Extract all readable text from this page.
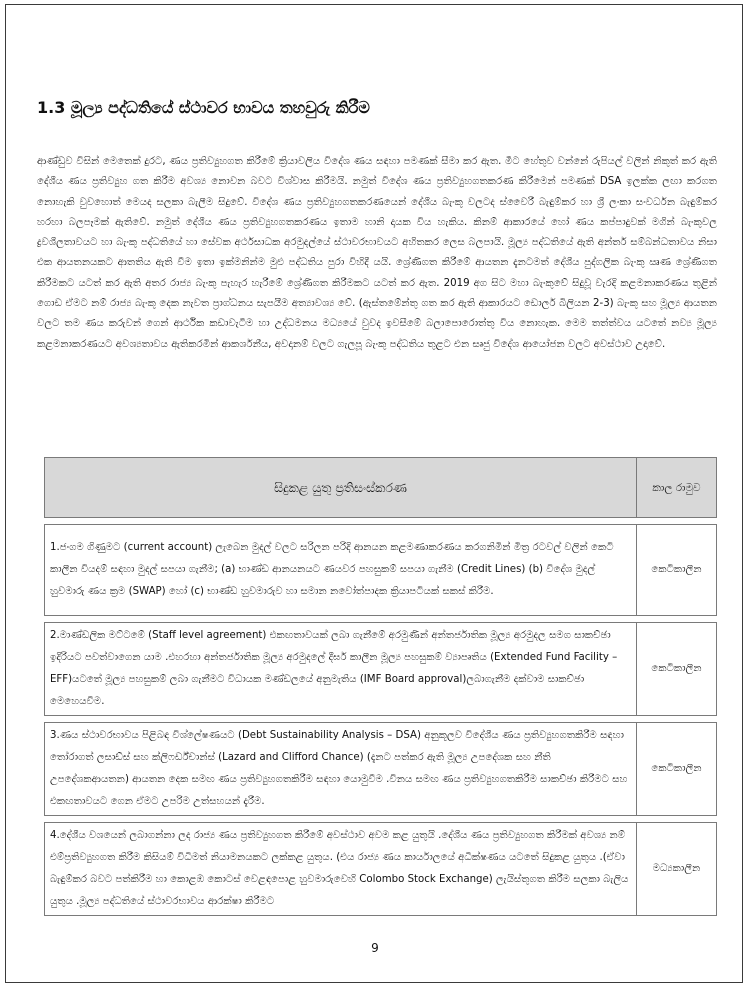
1.3 මූල්‍ය පද්ධතියේ ස්ථාවර භාවය තහවුරු කිරීම

ආණ්ඩුව විසින් මෙතෙක් දුරට, ණය ප්‍රතිව්‍යුහගත කිරීමේ ක්‍රියාවලිය විදේශ ණය සඳහා පමණක් සීමා කර ඇත. මීට හේතුව වන්නේ රුපියල් වලින් නිකුත් කර ඇති දේශීය ණය ප්‍රතිව්‍යුහ ගත කිරීම අවශ්‍ය නොවන බවට විශ්වාස කිරීමයි. නමුත් විදේශ ණය ප්‍රතිව්‍යුහගතකරණ කිරීමෙන් පමණක් DSA ඉලක්ක ලඟා කරගත නොහැකි වුවහොත් මෙයද සලකා බැලීම සිදුවේ. විදේශ ණය ප්‍රතිව්‍යුහගතකරණයෙන් දේශීය බැංකු වලටද ස්වෛරී බැඳුම්කර හා ශ්‍රී ලංකා සංවර්ධන බැඳුම්කර හරහා බලපෑමක් ඇතිවේ. නමුත් දේශීය ණය ප්‍රතිව්‍යුහගතකරණය ඉතාම හානි දායක විය හැකිය. කිනම් ආකාරයේ හෝ ණය කප්පාදුවක් මගින් බැංකුවල ද්‍රවශීලතාවයට හා බැංකු පද්ධතියේ හා සේවක අර්ථසාධක අරමුදල්යේ ස්ථාවරභාවයට අහිතකර ලෙස බලපායි. මූල්‍ය පද්ධතියේ ඇති අන්තර් සම්බන්ධතාවය නිසා එක ආයතනයකට ආතතිය ඇති වීම ඉතා ඉක්මනින්ම මුළු පද්ධතිය පුරා විහිදී යයි. ශ්‍රේණිගත කිරීමේ ආයතන දැනටමත් දේශීය පුද්ගලික බැංකු ඍණ ශ්‍රේණිගත කිරීමකට යටත් කර ඇති අතර රාජ්‍ය බැංකු පැහැර හැරීමේ ශ්‍රේණිගත කිරීමකට යටත් කර ඇත. 2019 අග සිට මහා බැංකුවේ සිදුවූ වැරදි කළමනාකරණය තුළින් ගොඩ ඒමට නම් රාජ්‍ය බැංකු දෙක නැවත ප්‍රාග්ධනය සැපයීම අත්‍යාවශ්‍ය වේ. (ඇස්තමේන්තු ගත කර ඇති ආකාරයට ඩොලර් බිලියන 2-3) බැංකු සහ මූල්‍ය ආයතන වලට තම ණය කරුවන් ගෙන් ආර්ථික කඩාවැටීම හා උද්ධමනය මධ්‍යයේ වුවද ඉවසීමේ බලාපොරොත්තු විය නොහැක. මෙම තත්ත්වය යටතේ නව්‍ය මූල්‍ය කළමනාකරණයට අවශ්‍යතාවය ඇතිකරමින් ආකර්ශනීය, අවදානම් වලට ගැලපූ බැංකු පද්ධතිය තුළට එන සෘජු විදේශ ආයෝජන වලට අවස්ථාව උදාවේ.

සිදුකළ යුතු ප්‍රතිසංස්කරණ	කාල රාමුව

1.ජංගම ගිණුමට (current account) ලැබෙන මුදල් වලට සරිලන පරිදි ආනයන කළමණාකරණය කරගනිමින් මිත්‍ර රටවල් වලින් කෙටි කාලීන වියදම් සඳහා මුදල් සපයා ගැනීම; (a) භාණ්ඩ ආනයනයට ණයවර පහසුකම් සපයා ගැනීම (Credit Lines) (b) විදේශ මුදල් හුවමාරු ණය ක්‍රම (SWAP) හෝ (c) භාණ්ඩ හුවමාරුව හා සමාන නවෝත්පාදක ක්‍රියාපටියක් සකස් කිරීම.	කෙටිකාලීන

2.මාණ්ඩලික මට්ටමේ (Staff level agreement) එකඟතාවයක් ලබා ගැනීමේ අරමුණින් අන්තර්ජාතික මූල්‍ය අරමුදල සමග සාකච්ඡා ඉදිරියට පවත්වාගෙන යාම .එහරහා අන්තර්ජාතික මූල්‍ය අරමුදලේ දීර්ඝ කාලීන මූල්‍ය පහසුකම් ව්‍යාපෘතිය (Extended Fund Facility – EFF)යටතේ මූල්‍ය පහසුකම් ලබා ගැනීමට විධායක මණ්ඩලයේ අනුමැතිය (IMF Board approval)ලබාගැනීම දක්වාම සාකච්ඡා මෙහෙයවීම.	කෙටිකාලීන

3.ණය ස්ථාවරභාවය පිළිබඳ විශ්ලේෂණයට (Debt Sustainability Analysis – DSA) අනුකූලව විදේශීය ණය ප්‍රතිව්‍යුහගතකිරීම සඳහා තෝරාගත් ලසාඩ්ස් සහ ක්ලිෆර්ඩ්චාන්ස් (Lazard and Clifford Chance) (දැනට පත්කර ඇති මූල්‍ය උපදේශක සහ නීති උපදේශකආයතන) ආයතන දෙක සමඟ ණය ප්‍රතිව්‍යුහගතකිරීම සඳහා යොමුවීම .විනය සමඟ ණය ප්‍රතිව්‍යුහගතකිරීම සාකච්ඡා කිරීමට සහ එකඟතාවයට ගෙන ඒමට උපරිම උත්සහයන් දැරීම.	කෙටිකාලීන

4.දේශීය වශයෙන් ලබාගන්නා ලද රාජ්‍ය ණය ප්‍රතිව්‍යුහගත කිරීමේ අවස්ථාව අවම කළ යුතුයි .දේශීය ණය ප්‍රතිව්‍යුහගත කිරීමක් අවශ්‍ය නම් එම්ප්‍රතිව්‍යුහගත කිරීම කිසියම් විධිමත් නියාමනයකට ලක්කළ යුතුය. (එය රාජ්‍ය ණය කාර්යාලයේ අධීක්ෂණය යටතේ සිදුකළ යුතුය .(ඒවා බැඳුම්කර බවට පත්කිරීම හා කොළඹ කොටස් වෙළඳපොළ හුවමාරුවෙහි Colombo Stock Exchange) ලැයිස්තුගත කිරීම සලකා බැලිය යුතුය .මූල්‍ය පද්ධතියේ ස්ථාවරභාවය ආරක්ෂා කිරීමට	මධ්‍යකාලීන
9
